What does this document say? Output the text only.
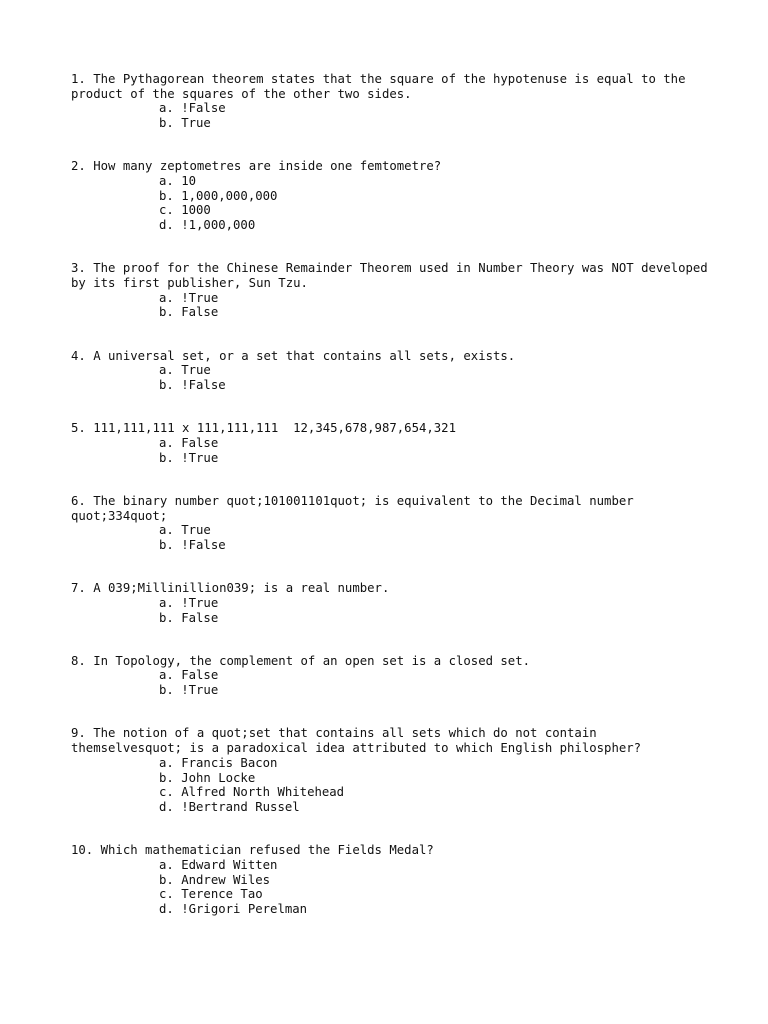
1. The Pythagorean theorem states that the square of the hypotenuse is equal to the product of the squares of the other two sides.

a. !False
b. True

2. How many zeptometres are inside one femtometre?

a. 10
b. 1,000,000,000
c. 1000
d. !1,000,000

3. The proof for the Chinese Remainder Theorem used in Number Theory was NOT developed by its first publisher, Sun Tzu.

a. !True
b. False

4. A universal set, or a set that contains all sets, exists.

a. True
b. !False

5. 111,111,111 x 111,111,111  12,345,678,987,654,321

a. False
b. !True

6. The binary number quot;101001101quot; is equivalent to the Decimal number quot;334quot;

a. True
b. !False

7. A 039;Millinillion039; is a real number.

a. !True
b. False

8. In Topology, the complement of an open set is a closed set.

a. False
b. !True

9. The notion of a quot;set that contains all sets which do not contain themselvesquot; is a paradoxical idea attributed to which English philospher?

a. Francis Bacon
b. John Locke
c. Alfred North Whitehead
d. !Bertrand Russel

10. Which mathematician refused the Fields Medal?

a. Edward Witten
b. Andrew Wiles
c. Terence Tao
d. !Grigori Perelman
